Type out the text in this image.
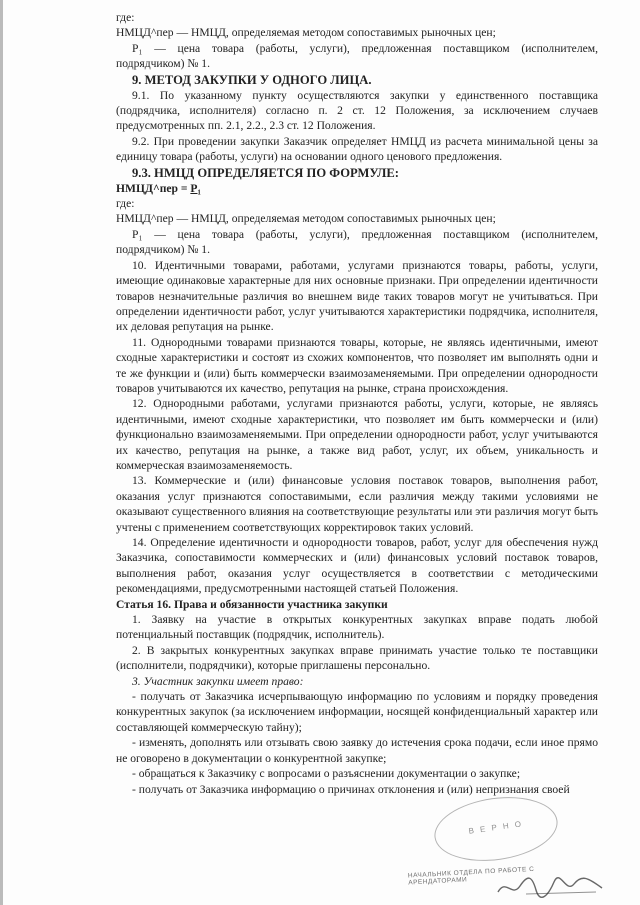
где:

НМЦД^пер — НМЦД, определяемая методом сопоставимых рыночных цен;

Р₁ — цена товара (работы, услуги), предложенная поставщиком (исполнителем, подрядчиком) № 1.

9. МЕТОД ЗАКУПКИ У ОДНОГО ЛИЦА.

9.1. По указанному пункту осуществляются закупки у единственного поставщика (подрядчика, исполнителя) согласно п. 2 ст. 12 Положения, за исключением случаев предусмотренных пп. 2.1, 2.2., 2.3 ст. 12 Положения.

9.2. При проведении закупки Заказчик определяет НМЦД из расчета минимальной цены за единицу товара (работы, услуги) на основании одного ценового предложения.

9.3. НМЦД ОПРЕДЕЛЯЕТСЯ ПО ФОРМУЛЕ:

НМЦД^пер = Р₁

где:

НМЦД^пер — НМЦД, определяемая методом сопоставимых рыночных цен;

Р₁ — цена товара (работы, услуги), предложенная поставщиком (исполнителем, подрядчиком) № 1.

10. Идентичными товарами, работами, услугами признаются товары, работы, услуги, имеющие одинаковые характерные для них основные признаки. При определении идентичности товаров незначительные различия во внешнем виде таких товаров могут не учитываться. При определении идентичности работ, услуг учитываются характеристики подрядчика, исполнителя, их деловая репутация на рынке.

11. Однородными товарами признаются товары, которые, не являясь идентичными, имеют сходные характеристики и состоят из схожих компонентов, что позволяет им выполнять одни и те же функции и (или) быть коммерчески взаимозаменяемыми. При определении однородности товаров учитываются их качество, репутация на рынке, страна происхождения.

12. Однородными работами, услугами признаются работы, услуги, которые, не являясь идентичными, имеют сходные характеристики, что позволяет им быть коммерчески и (или) функционально взаимозаменяемыми. При определении однородности работ, услуг учитываются их качество, репутация на рынке, а также вид работ, услуг, их объем, уникальность и коммерческая взаимозаменяемость.

13. Коммерческие и (или) финансовые условия поставок товаров, выполнения работ, оказания услуг признаются сопоставимыми, если различия между такими условиями не оказывают существенного влияния на соответствующие результаты или эти различия могут быть учтены с применением соответствующих корректировок таких условий.

14. Определение идентичности и однородности товаров, работ, услуг для обеспечения нужд Заказчика, сопоставимости коммерческих и (или) финансовых условий поставок товаров, выполнения работ, оказания услуг осуществляется в соответствии с методическими рекомендациями, предусмотренными настоящей статьей Положения.

Статья 16. Права и обязанности участника закупки

1. Заявку на участие в открытых конкурентных закупках вправе подать любой потенциальный поставщик (подрядчик, исполнитель).

2. В закрытых конкурентных закупках вправе принимать участие только те поставщики (исполнители, подрядчики), которые приглашены персонально.

3. Участник закупки имеет право:

- получать от Заказчика исчерпывающую информацию по условиям и порядку проведения конкурентных закупок (за исключением информации, носящей конфиденциальный характер или составляющей коммерческую тайну);

- изменять, дополнять или отзывать свою заявку до истечения срока подачи, если иное прямо не оговорено в документации о конкурентной закупке;

- обращаться к Заказчику с вопросами о разъяснении документации о закупке;

- получать от Заказчика информацию о причинах отклонения и (или) непризнания своей

В Е Р Н О
НАЧАЛЬНИК ОТДЕЛА ПО РАБОТЕ С АРЕНДАТОРАМИ
